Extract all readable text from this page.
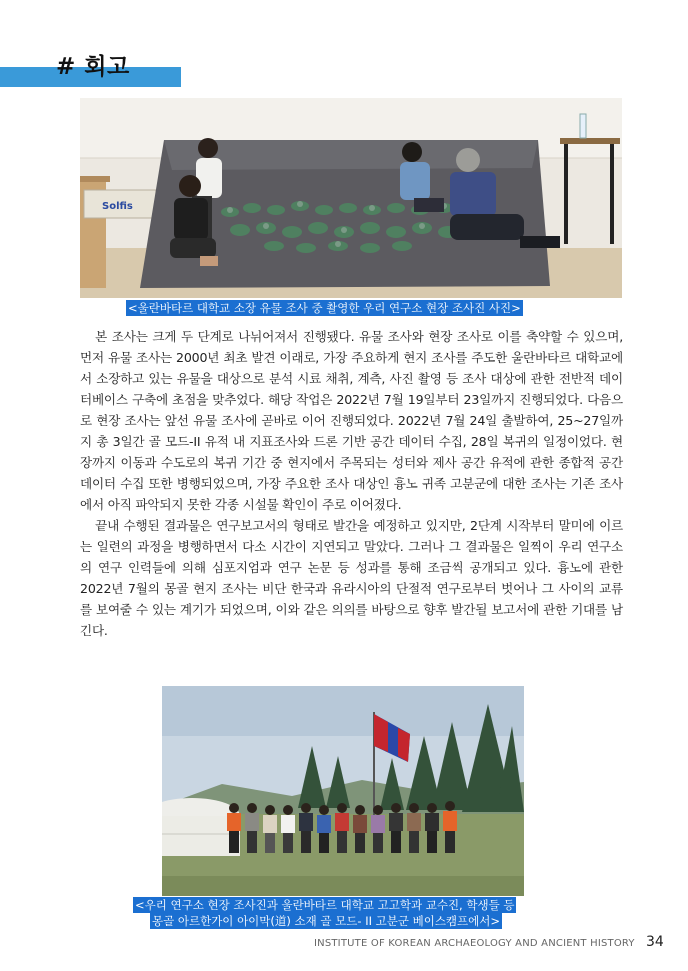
# 회고
Solfis
<울란바타르 대학교 소장 유물 조사 중 촬영한 우리 연구소 현장 조사진 사진>

본 조사는 크게 두 단계로 나뉘어져서 진행됐다. 유물 조사와 현장 조사로 이를 축약할 수 있으며, 먼저 유물 조사는 2000년 최초 발견 이래로, 가장 주요하게 현지 조사를 주도한 울란바타르 대학교에서 소장하고 있는 유물을 대상으로 분석 시료 채취, 계측, 사진 촬영 등 조사 대상에 관한 전반적 데이터베이스 구축에 초점을 맞추었다. 해당 작업은 2022년 7월 19일부터 23일까지 진행되었다. 다음으로 현장 조사는 앞선 유물 조사에 곧바로 이어 진행되었다. 2022년 7월 24일 출발하여, 25~27일까지 총 3일간 골 모드-II 유적 내 지표조사와 드론 기반 공간 데이터 수집, 28일 복귀의 일정이었다. 현장까지 이동과 수도로의 복귀 기간 중 현지에서 주목되는 성터와 제사 공간 유적에 관한 종합적 공간 데이터 수집 또한 병행되었으며, 가장 주요한 조사 대상인 흉노 귀족 고분군에 대한 조사는 기존 조사에서 아직 파악되지 못한 각종 시설물 확인이 주로 이어졌다.

끝내 수행된 결과물은 연구보고서의 형태로 발간을 예정하고 있지만, 2단계 시작부터 말미에 이르는 일련의 과정을 병행하면서 다소 시간이 지연되고 말았다. 그러나 그 결과물은 일찍이 우리 연구소의 연구 인력들에 의해 심포지엄과 연구 논문 등 성과를 통해 조금씩 공개되고 있다. 흉노에 관한 2022년 7월의 몽골 현지 조사는 비단 한국과 유라시아의 단절적 연구로부터 벗어나 그 사이의 교류를 보여줄 수 있는 계기가 되었으며, 이와 같은 의의를 바탕으로 향후 발간될 보고서에 관한 기대를 남긴다.

<우리 연구소 현장 조사진과 울란바타르 대학교 고고학과 교수진, 학생들 등
몽골 아르한가이 아이막(道) 소재 골 모드- II 고분군 베이스캠프에서>
INSTITUTE OF KOREAN ARCHAEOLOGY AND ANCIENT HISTORY 34
